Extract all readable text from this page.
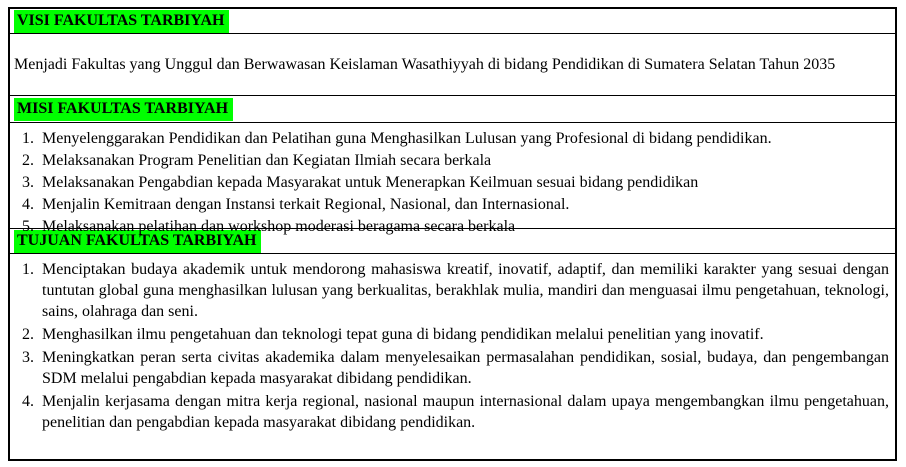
VISI FAKULTAS TARBIYAH
Menjadi Fakultas yang Unggul dan Berwawasan Keislaman Wasathiyyah di bidang Pendidikan di Sumatera Selatan Tahun 2035
MISI FAKULTAS TARBIYAH
1. Menyelenggarakan Pendidikan dan Pelatihan guna Menghasilkan Lulusan yang Profesional di bidang pendidikan.
2. Melaksanakan Program Penelitian dan Kegiatan Ilmiah secara berkala
3. Melaksanakan Pengabdian kepada Masyarakat untuk Menerapkan Keilmuan sesuai bidang pendidikan
4. Menjalin Kemitraan dengan Instansi terkait Regional, Nasional, dan Internasional.
5. Melaksanakan pelatihan dan workshop moderasi beragama secara berkala
TUJUAN FAKULTAS TARBIYAH
1. Menciptakan budaya akademik untuk mendorong mahasiswa kreatif, inovatif, adaptif, dan memiliki karakter yang sesuai dengan tuntutan global guna menghasilkan lulusan yang berkualitas, berakhlak mulia, mandiri dan menguasai ilmu pengetahuan, teknologi, sains, olahraga dan seni.
2. Menghasilkan ilmu pengetahuan dan teknologi tepat guna di bidang pendidikan melalui penelitian yang inovatif.
3. Meningkatkan peran serta civitas akademika dalam menyelesaikan permasalahan pendidikan, sosial, budaya, dan pengembangan SDM melalui pengabdian kepada masyarakat dibidang pendidikan.
4. Menjalin kerjasama dengan mitra kerja regional, nasional maupun internasional dalam upaya mengembangkan ilmu pengetahuan, penelitian dan pengabdian kepada masyarakat dibidang pendidikan.
